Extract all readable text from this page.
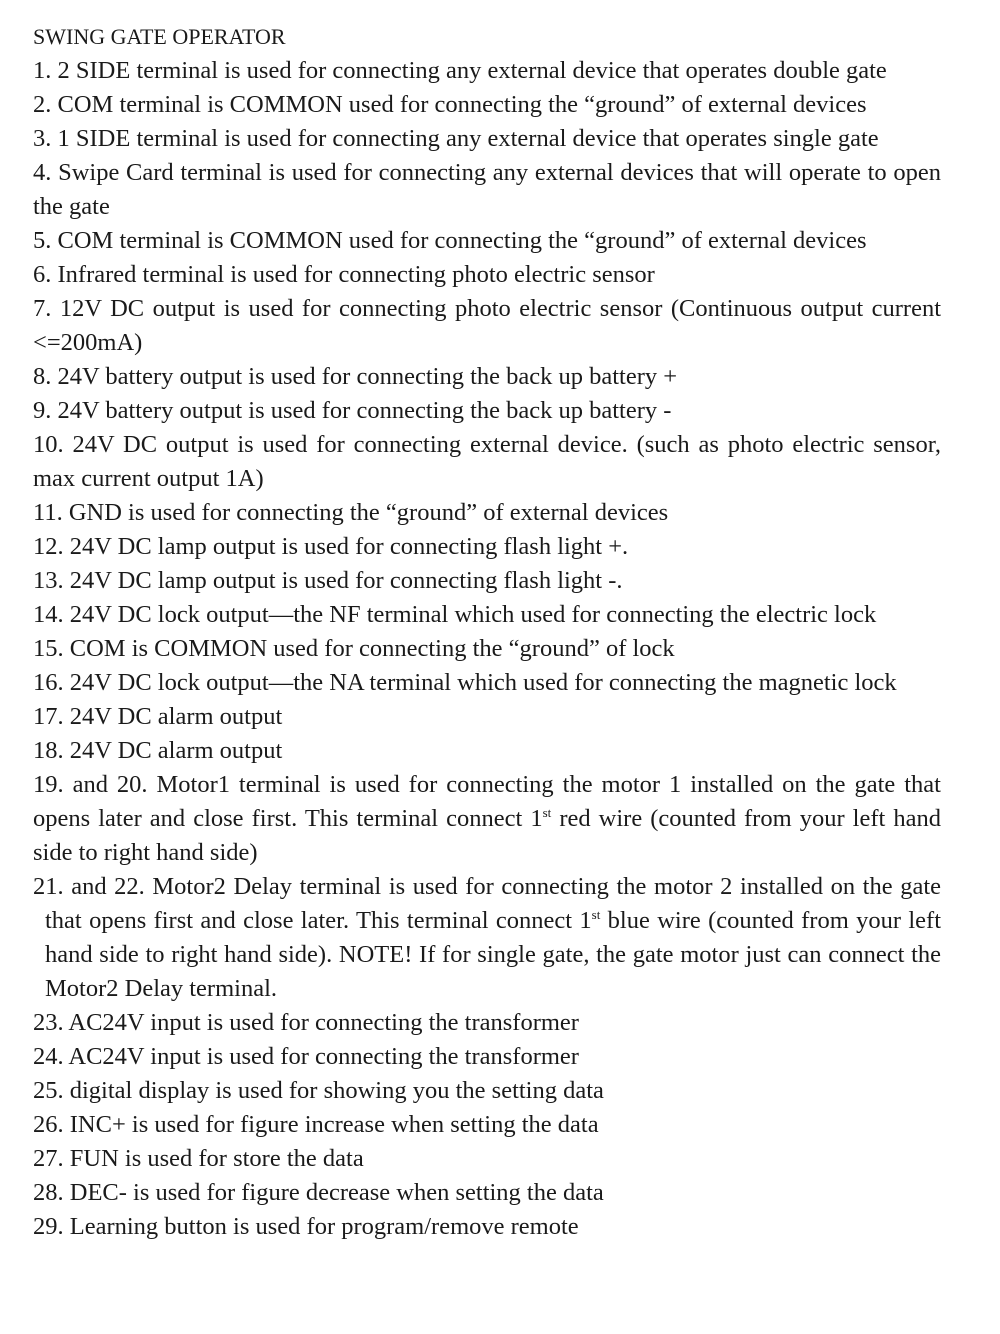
SWING GATE OPERATOR
1. 2 SIDE terminal is used for connecting any external device that operates double gate
2. COM terminal is COMMON used for connecting the “ground” of external devices
3. 1 SIDE terminal is used for connecting any external device that operates single gate
4. Swipe Card terminal is used for connecting any external devices that will operate to open the gate
5. COM terminal is COMMON used for connecting the “ground” of external devices
6. Infrared terminal is used for connecting photo electric sensor
7. 12V DC output is used for connecting photo electric sensor (Continuous output current <=200mA)
8. 24V battery output is used for connecting the back up battery +
9. 24V battery output is used for connecting the back up battery -
10. 24V DC output is used for connecting external device. (such as photo electric sensor, max current output 1A)
11. GND is used for connecting the “ground” of external devices
12. 24V DC lamp output is used for connecting flash light +.
13. 24V DC lamp output is used for connecting flash light -.
14. 24V DC lock output—the NF terminal which used for connecting the electric lock
15. COM is COMMON used for connecting the “ground” of lock
16. 24V DC lock output—the NA terminal which used for connecting the magnetic lock
17. 24V DC alarm output
18. 24V DC alarm output
19. and 20. Motor1 terminal is used for connecting the motor 1 installed on the gate that opens later and close first. This terminal connect 1st red wire (counted from your left hand side to right hand side)
21. and 22. Motor2 Delay terminal is used for connecting the motor 2 installed on the gate that opens first and close later. This terminal connect 1st blue wire (counted from your left hand side to right hand side). NOTE! If for single gate, the gate motor just can connect the Motor2 Delay terminal.
23. AC24V input is used for connecting the transformer
24. AC24V input is used for connecting the transformer
25. digital display is used for showing you the setting data
26. INC+ is used for figure increase when setting the data
27. FUN is used for store the data
28. DEC- is used for figure decrease when setting the data
29. Learning button is used for program/remove remote
